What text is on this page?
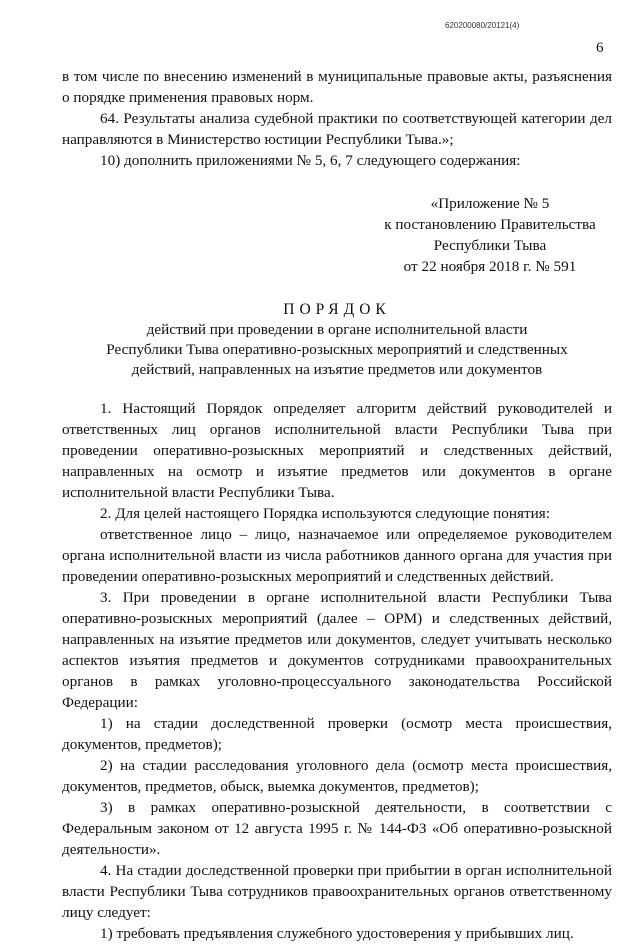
620200080/20121(4)
6

в том числе по внесению изменений в муниципальные правовые акты, разъяснения о порядке применения правовых норм.

64. Результаты анализа судебной практики по соответствующей категории дел направляются в Министерство юстиции Республики Тыва.»;

10) дополнить приложениями № 5, 6, 7 следующего содержания:

«Приложение № 5
к постановлению Правительства
Республики Тыва
от 22 ноября 2018 г. № 591
ПОРЯДОК
действий при проведении в органе исполнительной власти
Республики Тыва оперативно-розыскных мероприятий и следственных
действий, направленных на изъятие предметов или документов

1. Настоящий Порядок определяет алгоритм действий руководителей и ответственных лиц органов исполнительной власти Республики Тыва при проведении оперативно-розыскных мероприятий и следственных действий, направленных на осмотр и изъятие предметов или документов в органе исполнительной власти Республики Тыва.

2. Для целей настоящего Порядка используются следующие понятия:

ответственное лицо – лицо, назначаемое или определяемое руководителем органа исполнительной власти из числа работников данного органа для участия при проведении оперативно-розыскных мероприятий и следственных действий.

3. При проведении в органе исполнительной власти Республики Тыва оперативно-розыскных мероприятий (далее – ОРМ) и следственных действий, направленных на изъятие предметов или документов, следует учитывать несколько аспектов изъятия предметов и документов сотрудниками правоохранительных органов в рамках уголовно-процессуального законодательства Российской Федерации:

1) на стадии доследственной проверки (осмотр места происшествия, документов, предметов);

2) на стадии расследования уголовного дела (осмотр места происшествия, документов, предметов, обыск, выемка документов, предметов);

3) в рамках оперативно-розыскной деятельности, в соответствии с Федеральным законом от 12 августа 1995 г. № 144-ФЗ «Об оперативно-розыскной деятельности».

4. На стадии доследственной проверки при прибытии в орган исполнительной власти Республики Тыва сотрудников правоохранительных органов ответственному лицу следует:

1) требовать предъявления служебного удостоверения у прибывших лиц.
